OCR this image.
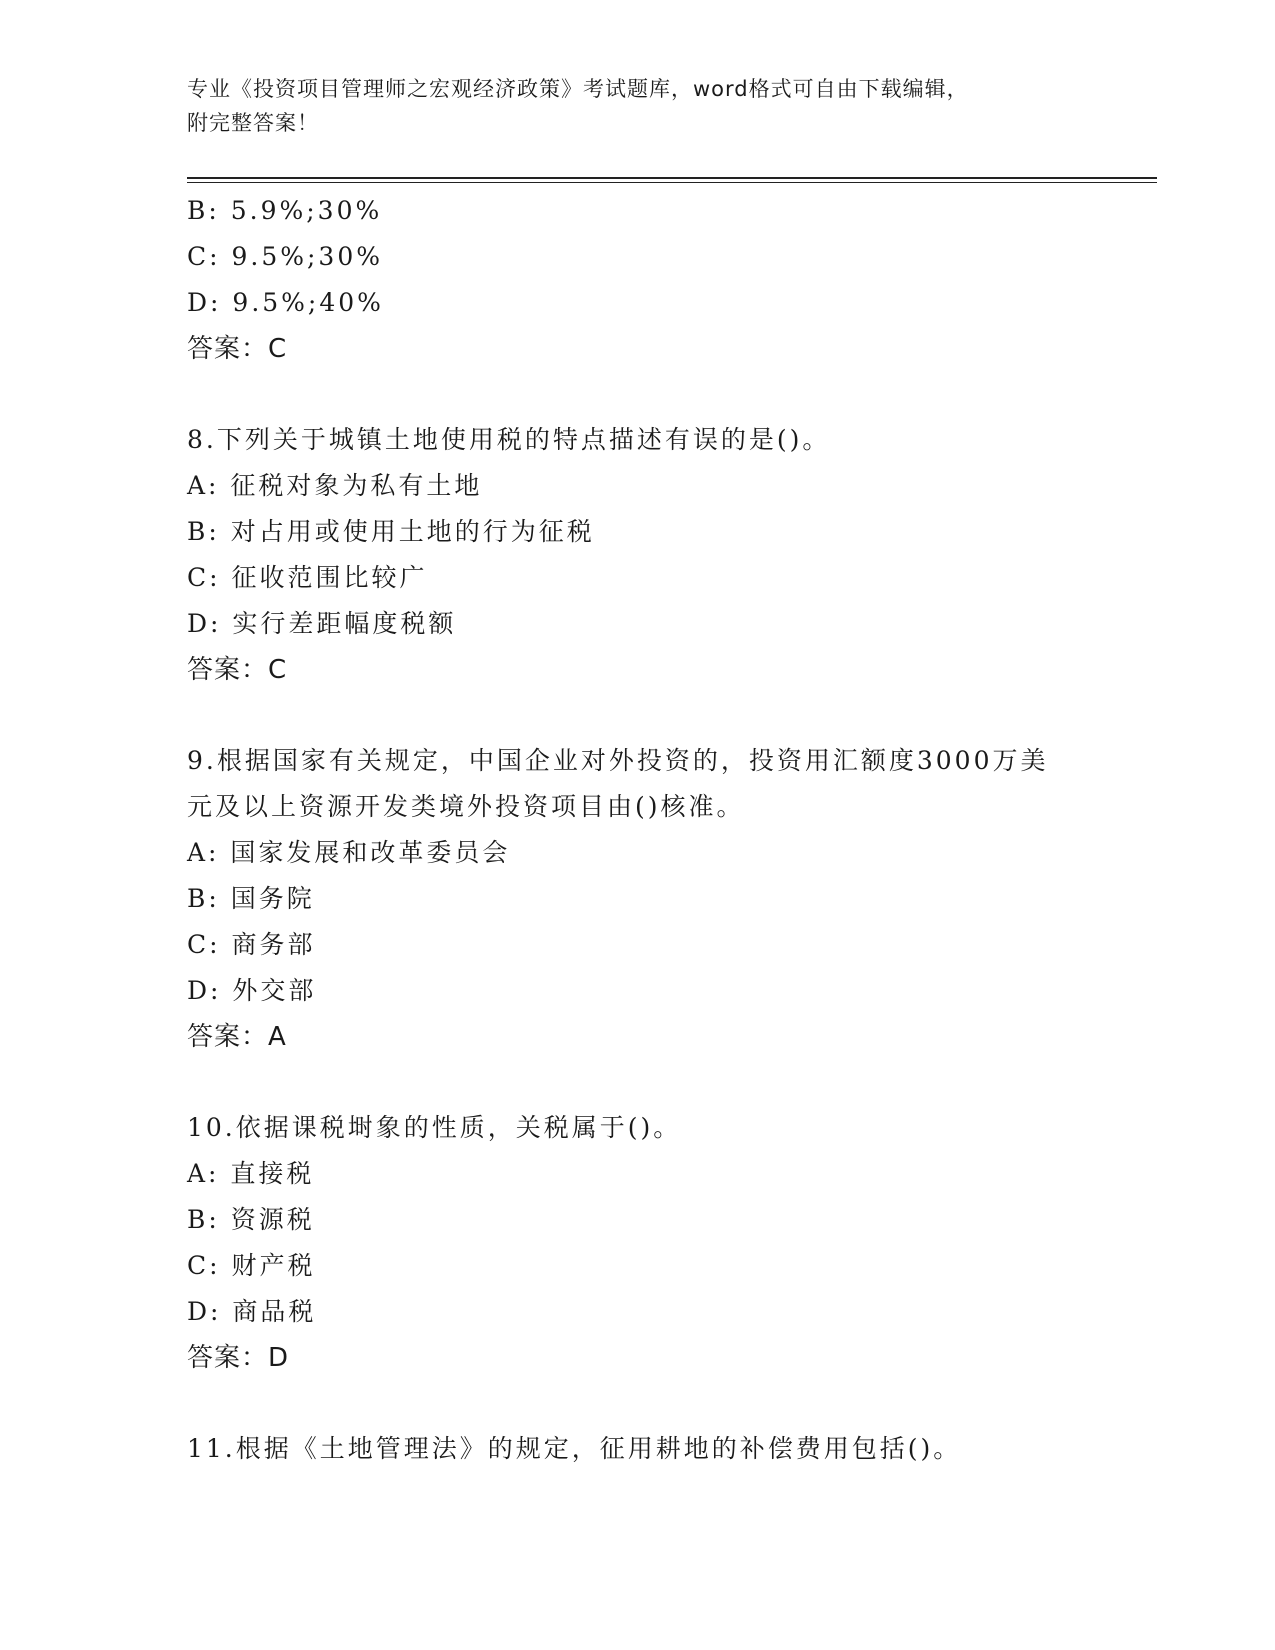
专业《投资项目管理师之宏观经济政策》考试题库，word格式可自由下载编辑，
附完整答案！
B: 5.9%;30%
C: 9.5%;30%
D: 9.5%;40%
答案：C
8.下列关于城镇土地使用税的特点描述有误的是()。
A: 征税对象为私有土地
B: 对占用或使用土地的行为征税
C: 征收范围比较广
D: 实行差距幅度税额
答案：C
9.根据国家有关规定，中国企业对外投资的，投资用汇额度3000万美
元及以上资源开发类境外投资项目由()核准。
A: 国家发展和改革委员会
B: 国务院
C: 商务部
D: 外交部
答案：A
10.依据课税埘象的性质，关税属于()。
A: 直接税
B: 资源税
C: 财产税
D: 商品税
答案：D
11.根据《土地管理法》的规定，征用耕地的补偿费用包括()。
